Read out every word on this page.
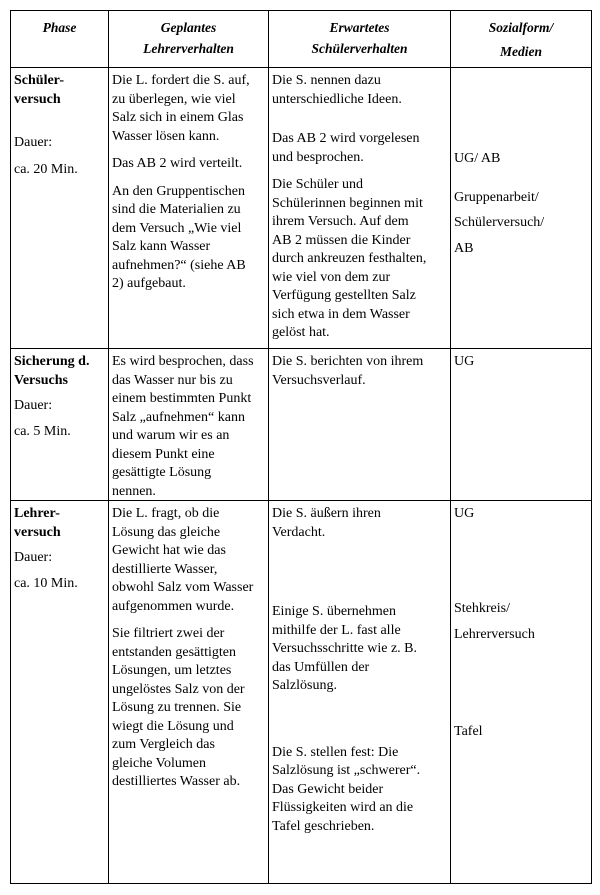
Phase	Geplantes
Lehrerverhalten
Erwartetes
Schülerverhalten
Sozialform/
Medien

Schüler-
versuch

Dauer:

ca. 20 Min.

Die L. fordert die S. auf,
zu überlegen, wie viel
Salz sich in einem Glas
Wasser lösen kann.

Das AB 2 wird verteilt.

An den Gruppentischen
sind die Materialien zu
dem Versuch „Wie viel
Salz kann Wasser
aufnehmen?“ (siehe AB
2) aufgebaut.

Die S. nennen dazu
unterschiedliche Ideen.

Das AB 2 wird vorgelesen
und besprochen.

Die Schüler und
Schülerinnen beginnen mit
ihrem Versuch. Auf dem
AB 2 müssen die Kinder
durch ankreuzen festhalten,
wie viel von dem zur
Verfügung gestellten Salz
sich etwa in dem Wasser
gelöst hat.

UG/ AB

Gruppenarbeit/

Schülerversuch/

AB

Sicherung d.
Versuchs

Dauer:

ca. 5 Min.

Es wird besprochen, dass
das Wasser nur bis zu
einem bestimmten Punkt
Salz „aufnehmen“ kann
und warum wir es an
diesem Punkt eine
gesättigte Lösung
nennen.

Die S. berichten von ihrem
Versuchsverlauf.

UG

Lehrer-
versuch

Dauer:

ca. 10 Min.

Die L. fragt, ob die
Lösung das gleiche
Gewicht hat wie das
destillierte Wasser,
obwohl Salz vom Wasser
aufgenommen wurde.

Sie filtriert zwei der
entstanden gesättigten
Lösungen, um letztes
ungelöstes Salz von der
Lösung zu trennen. Sie
wiegt die Lösung und
zum Vergleich das
gleiche Volumen
destilliertes Wasser ab.

Die S. äußern ihren
Verdacht.

Einige S. übernehmen
mithilfe der L. fast alle
Versuchsschritte wie z. B.
das Umfüllen der
Salzlösung.

Die S. stellen fest: Die
Salzlösung ist „schwerer“.
Das Gewicht beider
Flüssigkeiten wird an die
Tafel geschrieben.

UG

Stehkreis/

Lehrerversuch

Tafel
